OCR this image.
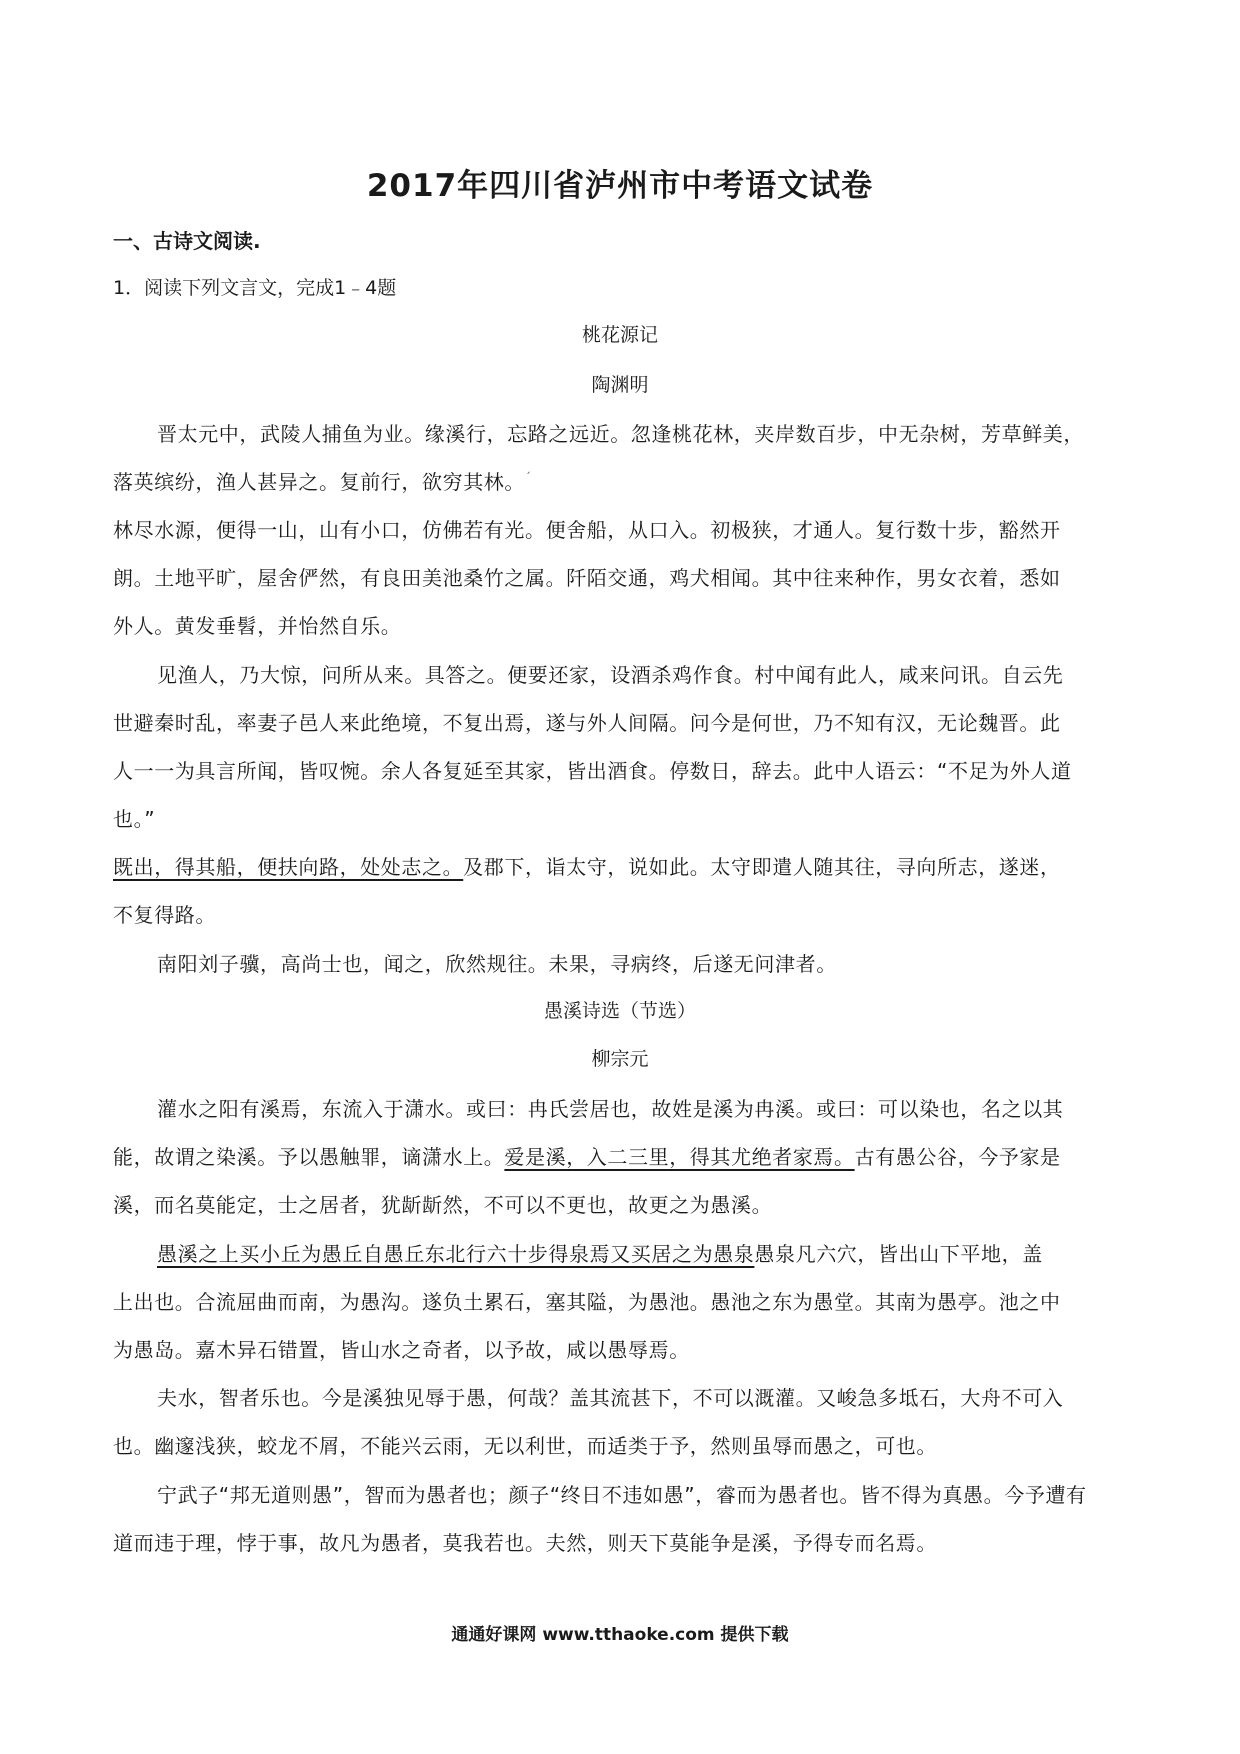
2017年四川省泸州市中考语文试卷
一、古诗文阅读.
1．阅读下列文言文，完成1﹣4题
桃花源记
陶渊明
晋太元中，武陵人捕鱼为业。缘溪行，忘路之远近。忽逢桃花林，夹岸数百步，中无杂树，芳草鲜美，
落英缤纷，渔人甚异之。复前行，欲穷其林。$^ˊ$
林尽水源，便得一山，山有小口，仿佛若有光。便舍船，从口入。初极狭，才通人。复行数十步，豁然开
朗。土地平旷，屋舍俨然，有良田美池桑竹之属。阡陌交通，鸡犬相闻。其中往来种作，男女衣着，悉如
外人。黄发垂髫，并怡然自乐。
见渔人，乃大惊，问所从来。具答之。便要还家，设酒杀鸡作食。村中闻有此人，咸来问讯。自云先
世避秦时乱，率妻子邑人来此绝境，不复出焉，遂与外人间隔。问今是何世，乃不知有汉，无论魏晋。此
人一一为具言所闻，皆叹惋。余人各复延至其家，皆出酒食。停数日，辞去。此中人语云：“不足为外人道
也。”
既出，得其船，便扶向路，处处志之。及郡下，诣太守，说如此。太守即遣人随其往，寻向所志，遂迷，
不复得路。
南阳刘子骥，高尚士也，闻之，欣然规往。未果，寻病终，后遂无问津者。
愚溪诗选（节选）
柳宗元
灌水之阳有溪焉，东流入于潇水。或曰：冉氏尝居也，故姓是溪为冉溪。或曰：可以染也，名之以其
能，故谓之染溪。予以愚触罪，谪潇水上。爱是溪，入二三里，得其尤绝者家焉。古有愚公谷，今予家是
溪，而名莫能定，士之居者，犹龂龂然，不可以不更也，故更之为愚溪。
愚溪之上买小丘为愚丘自愚丘东北行六十步得泉焉又买居之为愚泉愚泉凡六穴，皆出山下平地，盖
上出也。合流屈曲而南，为愚沟。遂负土累石，塞其隘，为愚池。愚池之东为愚堂。其南为愚亭。池之中
为愚岛。嘉木异石错置，皆山水之奇者，以予故，咸以愚辱焉。
夫水，智者乐也。今是溪独见辱于愚，何哉？盖其流甚下，不可以溉灌。又峻急多坻石，大舟不可入
也。幽邃浅狭，蛟龙不屑，不能兴云雨，无以利世，而适类于予，然则虽辱而愚之，可也。
宁武子“邦无道则愚”，智而为愚者也；颜子“终日不违如愚”，睿而为愚者也。皆不得为真愚。今予遭有
道而违于理，悖于事，故凡为愚者，莫我若也。夫然，则天下莫能争是溪，予得专而名焉。
通通好课网 www.tthaoke.com 提供下载
